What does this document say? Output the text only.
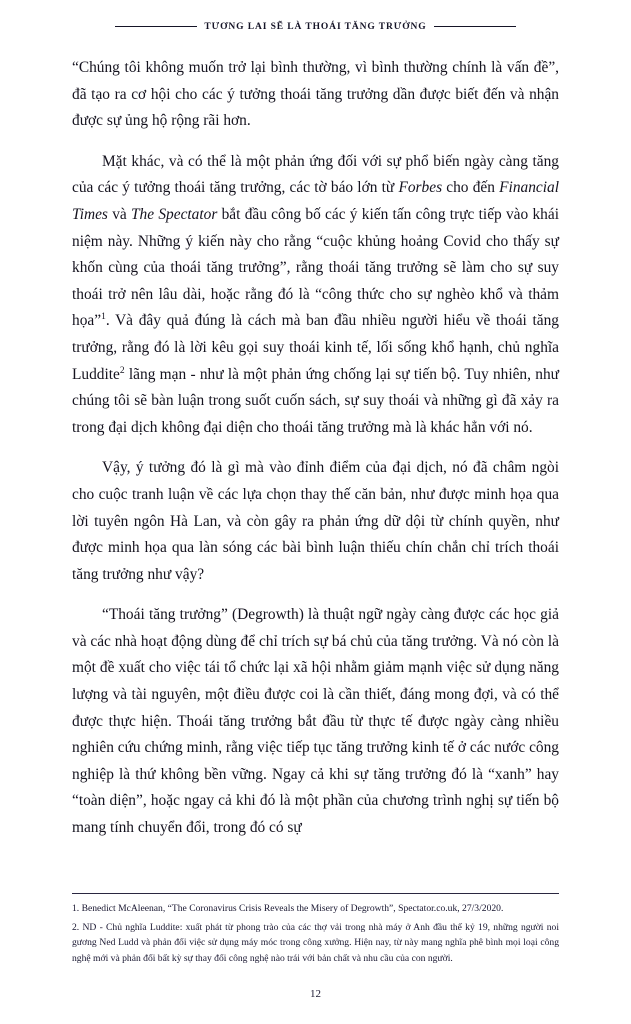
TƯƠNG LAI SẼ LÀ THOÁI TĂNG TRƯỞNG

“Chúng tôi không muốn trở lại bình thường, vì bình thường chính là vấn đề”, đã tạo ra cơ hội cho các ý tưởng thoái tăng trưởng dần được biết đến và nhận được sự ủng hộ rộng rãi hơn.

Mặt khác, và có thể là một phản ứng đối với sự phổ biến ngày càng tăng của các ý tưởng thoái tăng trưởng, các tờ báo lớn từ Forbes cho đến Financial Times và The Spectator bắt đầu công bố các ý kiến tấn công trực tiếp vào khái niệm này. Những ý kiến này cho rằng “cuộc khủng hoảng Covid cho thấy sự khốn cùng của thoái tăng trưởng”, rằng thoái tăng trưởng sẽ làm cho sự suy thoái trở nên lâu dài, hoặc rằng đó là “công thức cho sự nghèo khổ và thảm họa”$^1$. Và đây quả đúng là cách mà ban đầu nhiều người hiểu về thoái tăng trưởng, rằng đó là lời kêu gọi suy thoái kinh tế, lối sống khổ hạnh, chủ nghĩa Luddite$^2$ lãng mạn - như là một phản ứng chống lại sự tiến bộ. Tuy nhiên, như chúng tôi sẽ bàn luận trong suốt cuốn sách, sự suy thoái và những gì đã xảy ra trong đại dịch không đại diện cho thoái tăng trưởng mà là khác hẳn với nó.

Vậy, ý tưởng đó là gì mà vào đỉnh điểm của đại dịch, nó đã châm ngòi cho cuộc tranh luận về các lựa chọn thay thế căn bản, như được minh họa qua lời tuyên ngôn Hà Lan, và còn gây ra phản ứng dữ dội từ chính quyền, như được minh họa qua làn sóng các bài bình luận thiếu chín chắn chỉ trích thoái tăng trưởng như vậy?

“Thoái tăng trưởng” (Degrowth) là thuật ngữ ngày càng được các học giả và các nhà hoạt động dùng để chỉ trích sự bá chủ của tăng trưởng. Và nó còn là một đề xuất cho việc tái tổ chức lại xã hội nhằm giảm mạnh việc sử dụng năng lượng và tài nguyên, một điều được coi là cần thiết, đáng mong đợi, và có thể được thực hiện. Thoái tăng trưởng bắt đầu từ thực tế được ngày càng nhiều nghiên cứu chứng minh, rằng việc tiếp tục tăng trưởng kinh tế ở các nước công nghiệp là thứ không bền vững. Ngay cả khi sự tăng trưởng đó là “xanh” hay “toàn diện”, hoặc ngay cả khi đó là một phần của chương trình nghị sự tiến bộ mang tính chuyển đổi, trong đó có sự

1. Benedict McAleenan, “The Coronavirus Crisis Reveals the Misery of Degrowth”, Spectator.co.uk, 27/3/2020.

2. ND - Chủ nghĩa Luddite: xuất phát từ phong trào của các thợ vải trong nhà máy ở Anh đầu thế kỷ 19, những người noi gương Ned Ludd và phản đối việc sử dụng máy móc trong công xưởng. Hiện nay, từ này mang nghĩa phê bình mọi loại công nghệ mới và phản đối bất kỳ sự thay đổi công nghệ nào trái với bản chất và nhu cầu của con người.

12
